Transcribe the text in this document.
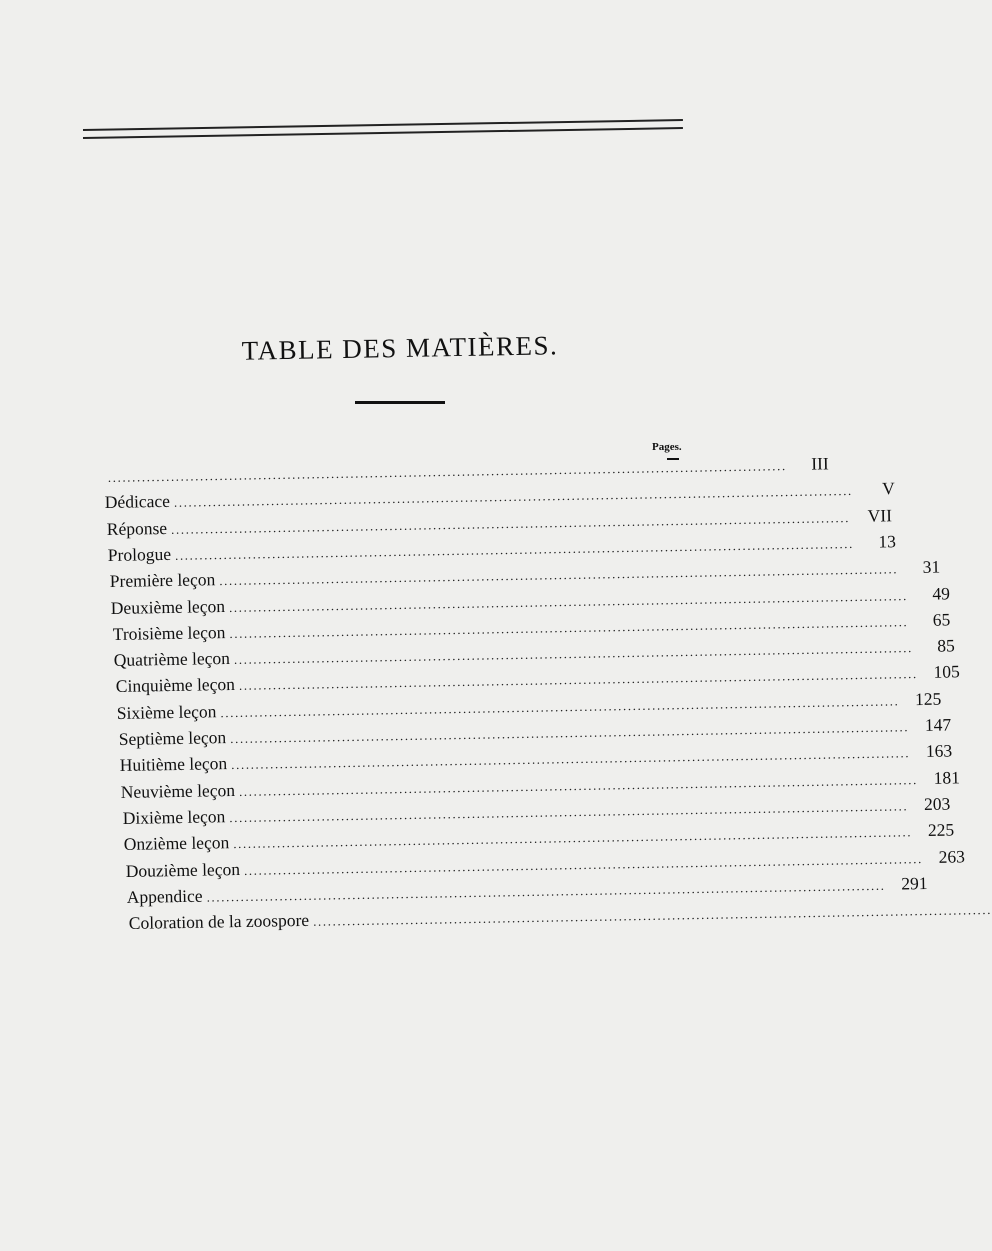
TABLE DES MATIÈRES.
Pages.
............................................................................................................................................	III
Dédicace ............................................................................................................................................	V
Réponse ............................................................................................................................................ VII
Prologue ............................................................................................................................................	13
Première leçon ............................................................................................................................................	31
Deuxième leçon ............................................................................................................................................	49
Troisième leçon ............................................................................................................................................	65
Quatrième leçon ............................................................................................................................................	85
Cinquième leçon ............................................................................................................................................ 105
Sixième leçon ............................................................................................................................................ 125
Septième leçon ............................................................................................................................................ 147
Huitième leçon ............................................................................................................................................ 163
Neuvième leçon ............................................................................................................................................ 181
Dixième leçon ............................................................................................................................................ 203
Onzième leçon ............................................................................................................................................ 225
Douzième leçon ............................................................................................................................................ 263
Appendice ............................................................................................................................................ 291
Coloration de la zoospore ............................................................................................................................................
